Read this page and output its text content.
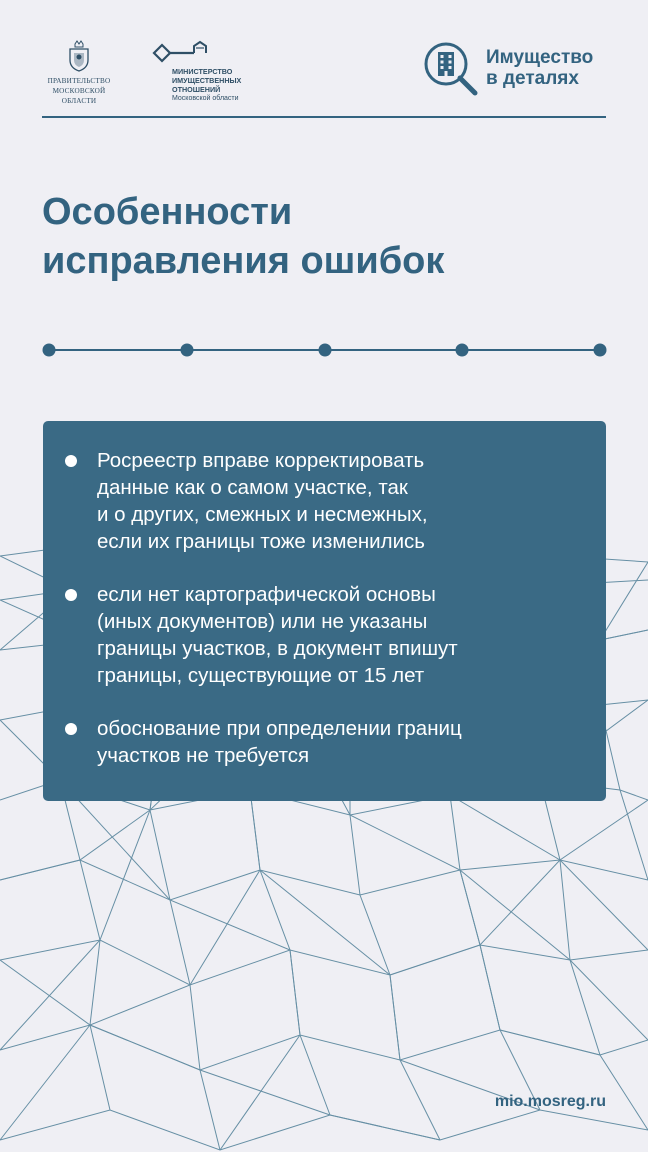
ПРАВИТЕЛЬСТВО
МОСКОВСКОЙ
ОБЛАСТИ
МИНИСТЕРСТВО
ИМУЩЕСТВЕННЫХ
ОТНОШЕНИЙ
Московской области
Имущество
в деталях
Особенности
исправления ошибок
Росреестр вправе корректировать
данные как о самом участке, так
и о других, смежных и несмежных,
если их границы тоже изменились
если нет картографической основы
(иных документов) или не указаны
границы участков, в документ впишут
границы, существующие от 15 лет
обоснование при определении границ
участков не требуется
mio.mosreg.ru
